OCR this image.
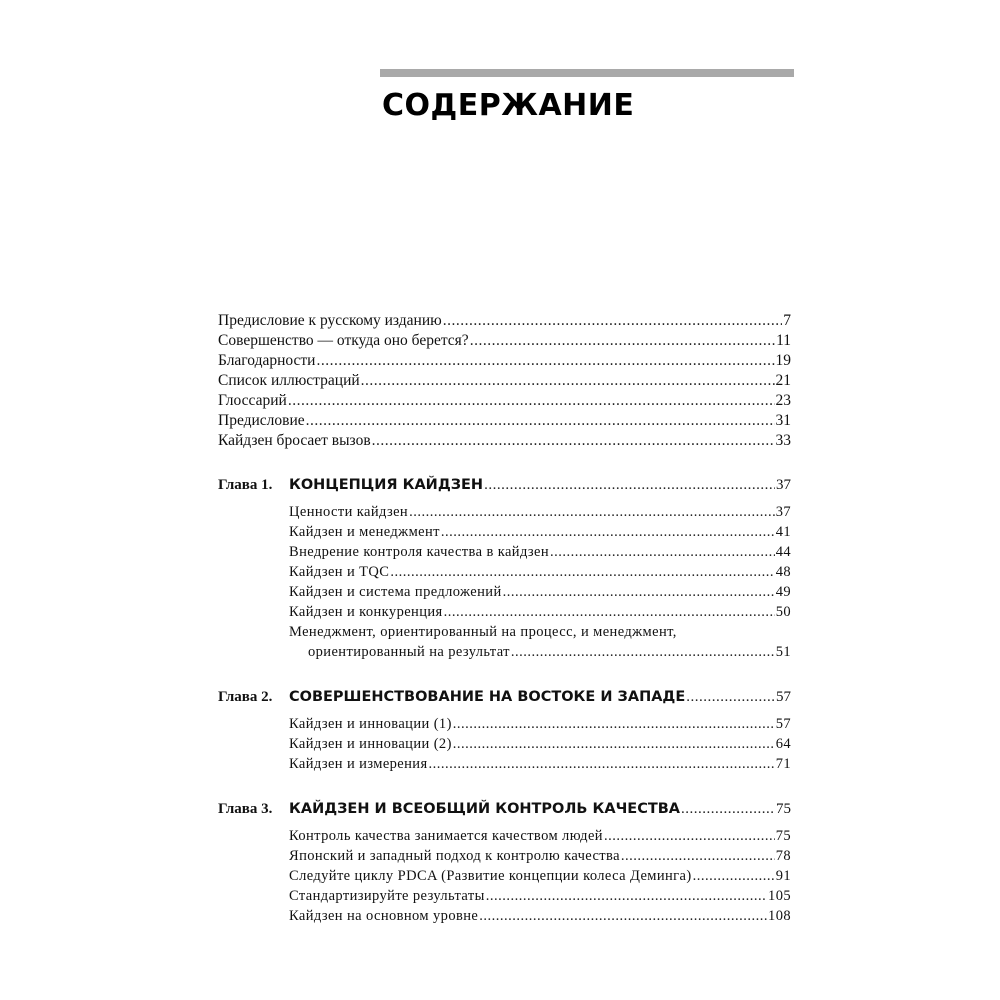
СОДЕРЖАНИЕ
Предисловие к русскому изданию .....	7
Совершенство — откуда оно берется? .....	11
Благодарности .....	19
Список иллюстраций .....	21
Глоссарий .....	23
Предисловие .....	31
Кайдзен бросает вызов .....	33
Глава 1.	КОНЦЕПЦИЯ КАЙДЗЕН .....	37
Ценности кайдзен .....	37
Кайдзен и менеджмент .....	41
Внедрение контроля качества в кайдзен .....	44
Кайдзен и TQC .....	48
Кайдзен и система предложений .....	49
Кайдзен и конкуренция .....	50
Менеджмент, ориентированный на процесс, и менеджмент,
ориентированный на результат .....	51
Глава 2.	СОВЕРШЕНСТВОВАНИЕ НА ВОСТОКЕ И ЗАПАДЕ .....	57
Кайдзен и инновации (1) .....	57
Кайдзен и инновации (2) .....	64
Кайдзен и измерения .....	71
Глава 3.	КАЙДЗЕН И ВСЕОБЩИЙ КОНТРОЛЬ КАЧЕСТВА .....	75
Контроль качества занимается качеством людей .....	75
Японский и западный подход к контролю качества .....	78
Следуйте циклу PDCA (Развитие концепции колеса Деминга) .....	91
Стандартизируйте результаты .....	105
Кайдзен на основном уровне .....	108
